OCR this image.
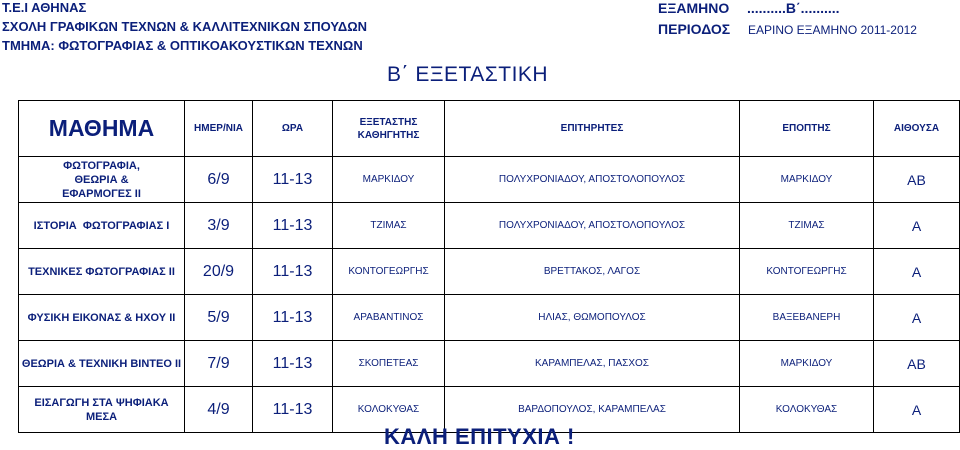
Τ.Ε.Ι ΑΘΗΝΑΣ
ΣΧΟΛΗ ΓΡΑΦΙΚΩΝ ΤΕΧΝΩΝ & ΚΑΛΛΙΤΕΧΝΙΚΩΝ ΣΠΟΥΔΩΝ
ΤΜΗΜΑ: ΦΩΤΟΓΡΑΦΙΑΣ & ΟΠΤΙΚΟΑΚΟΥΣΤΙΚΩΝ ΤΕΧΝΩΝ
ΕΞΑΜΗΝΟ ..........Β΄..........
ΠΕΡΙΟΔΟΣ ΕΑΡΙΝΟ ΕΞΑΜΗΝΟ 2011-2012
Β΄ ΕΞΕΤΑΣΤΙΚΗ
ΜΑΘΗΜΑ	ΗΜΕΡ/ΝΙΑ	ΩΡΑ	ΕΞΕΤΑΣΤΗΣ ΚΑΘΗΓΗΤΗΣ	ΕΠΙΤΗΡΗΤΕΣ	ΕΠΟΠΤΗΣ	ΑΙΘΟΥΣΑ
ΦΩΤΟΓΡΑΦΙΑ, ΘΕΩΡΙΑ & ΕΦΑΡΜΟΓΕΣ ΙΙ	6/9	11-13	ΜΑΡΚΙΔΟΥ	ΠΟΛΥΧΡΟΝΙΑΔΟΥ, ΑΠΟΣΤΟΛΟΠΟΥΛΟΣ	ΜΑΡΚΙΔΟΥ	ΑΒ
ΙΣΤΟΡΙΑ  ΦΩΤΟΓΡΑΦΙΑΣ Ι	3/9	11-13	ΤΖΙΜΑΣ	ΠΟΛΥΧΡΟΝΙΑΔΟΥ, ΑΠΟΣΤΟΛΟΠΟΥΛΟΣ	ΤΖΙΜΑΣ	Α
ΤΕΧΝΙΚΕΣ ΦΩΤΟΓΡΑΦΙΑΣ ΙΙ	20/9	11-13	ΚΟΝΤΟΓΕΩΡΓΗΣ	ΒΡΕΤΤΑΚΟΣ, ΛΑΓΟΣ	ΚΟΝΤΟΓΕΩΡΓΗΣ	Α
ΦΥΣΙΚΗ ΕΙΚΟΝΑΣ & ΗΧΟΥ ΙΙ	5/9	11-13	ΑΡΑΒΑΝΤΙΝΟΣ	ΗΛΙΑΣ, ΘΩΜΟΠΟΥΛΟΣ	ΒΑΞΕΒΑΝΕΡΗ	Α
ΘΕΩΡΙΑ & ΤΕΧΝΙΚΗ ΒΙΝΤΕΟ ΙΙ	7/9	11-13	ΣΚΟΠΕΤΕΑΣ	ΚΑΡΑΜΠΕΛΑΣ, ΠΑΣΧΟΣ	ΜΑΡΚΙΔΟΥ	ΑΒ
ΕΙΣΑΓΩΓΗ ΣΤΑ ΨΗΦΙΑΚΑ ΜΕΣΑ	4/9	11-13	ΚΟΛΟΚΥΘΑΣ	ΒΑΡΔΟΠΟΥΛΟΣ, ΚΑΡΑΜΠΕΛΑΣ	ΚΟΛΟΚΥΘΑΣ	Α
ΚΑΛΗ ΕΠΙΤΥΧΙΑ !
